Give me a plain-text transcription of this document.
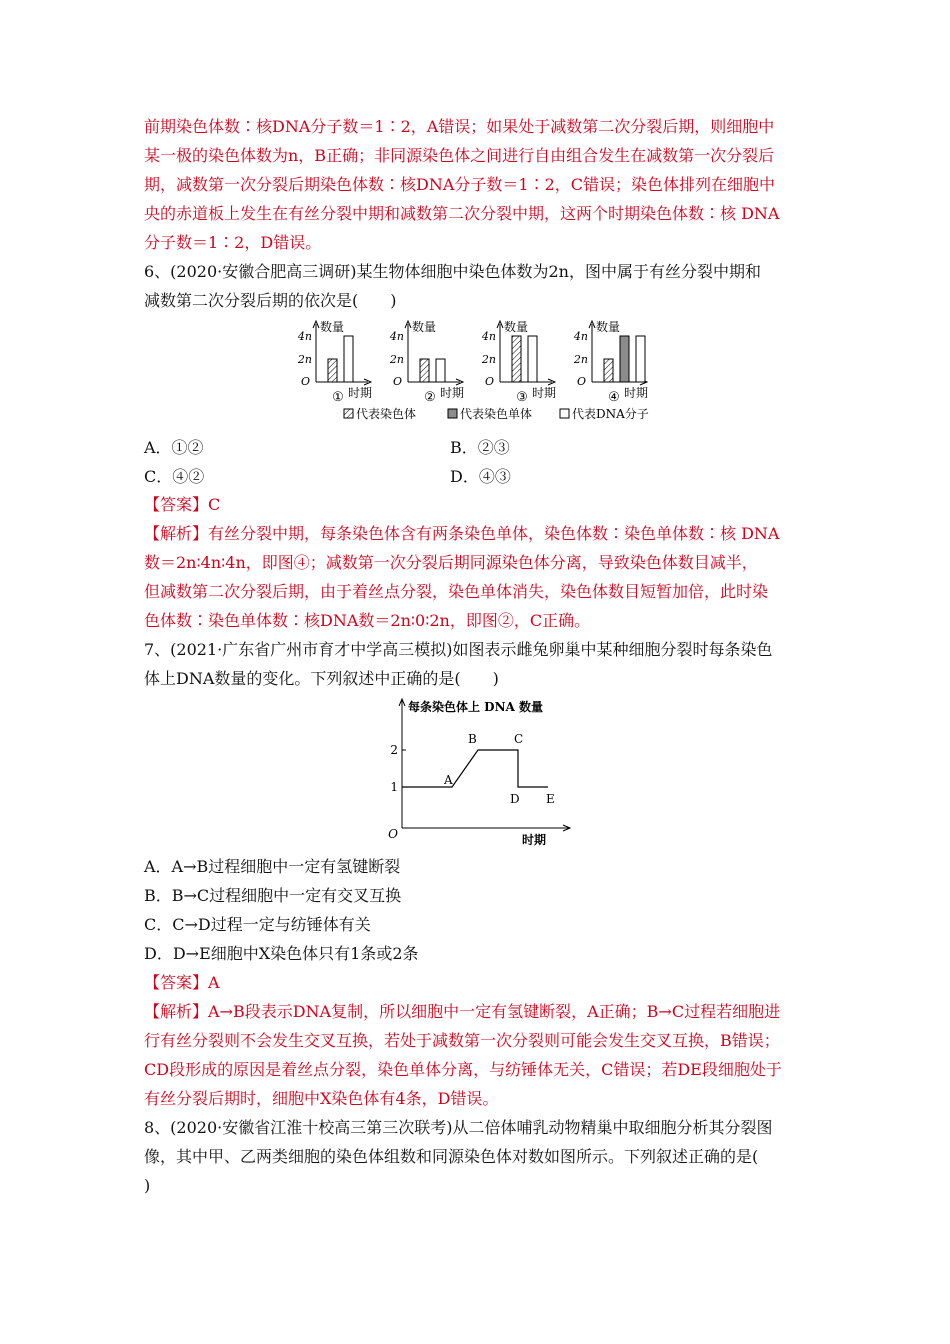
前期染色体数∶核DNA分子数＝1∶2，A错误；如果处于减数第二次分裂后期，则细胞中
某一极的染色体数为n，B正确；非同源染色体之间进行自由组合发生在减数第一次分裂后
期，减数第一次分裂后期染色体数∶核DNA分子数＝1∶2，C错误；染色体排列在细胞中
央的赤道板上发生在有丝分裂中期和减数第二次分裂中期，这两个时期染色体数∶核 DNA
分子数＝1∶2，D错误。
6、(2020·安徽合肥高三调研)某生物体细胞中染色体数为2n，图中属于有丝分裂中期和
减数第二次分裂后期的依次是(　　)
数量
4n
2n
O
时期
①
数量
4n
2n
O
时期
②
数量
4n
2n
O
时期
③
数量
4n
2n
O
时期
④
代表染色体	代表染色单体	代表DNA分子
A．①②	B．②③
C．④②	D．④③
【答案】C
【解析】有丝分裂中期，每条染色体含有两条染色单体，染色体数∶染色单体数∶核 DNA
数＝2n∶4n∶4n，即图④；减数第一次分裂后期同源染色体分离，导致染色体数目减半，
但减数第二次分裂后期，由于着丝点分裂，染色单体消失，染色体数目短暂加倍，此时染
色体数∶染色单体数∶核DNA数＝2n∶0∶2n，即图②，C正确。
7、(2021·广东省广州市育才中学高三模拟)如图表示雌兔卵巢中某种细胞分裂时每条染色
体上DNA数量的变化。下列叙述中正确的是(　　)
每条染色体上 DNA 数量
时期
O
1
2
A
B	C
D E
A．A→B过程细胞中一定有氢键断裂
B．B→C过程细胞中一定有交叉互换
C．C→D过程一定与纺锤体有关
D．D→E细胞中X染色体只有1条或2条
【答案】A
【解析】A→B段表示DNA复制，所以细胞中一定有氢键断裂，A正确；B→C过程若细胞进
行有丝分裂则不会发生交叉互换，若处于减数第一次分裂则可能会发生交叉互换，B错误；
CD段形成的原因是着丝点分裂，染色单体分离，与纺锤体无关，C错误；若DE段细胞处于
有丝分裂后期时，细胞中X染色体有4条，D错误。
8、(2020·安徽省江淮十校高三第三次联考)从二倍体哺乳动物精巢中取细胞分析其分裂图
像，其中甲、乙两类细胞的染色体组数和同源染色体对数如图所示。下列叙述正确的是(
)
